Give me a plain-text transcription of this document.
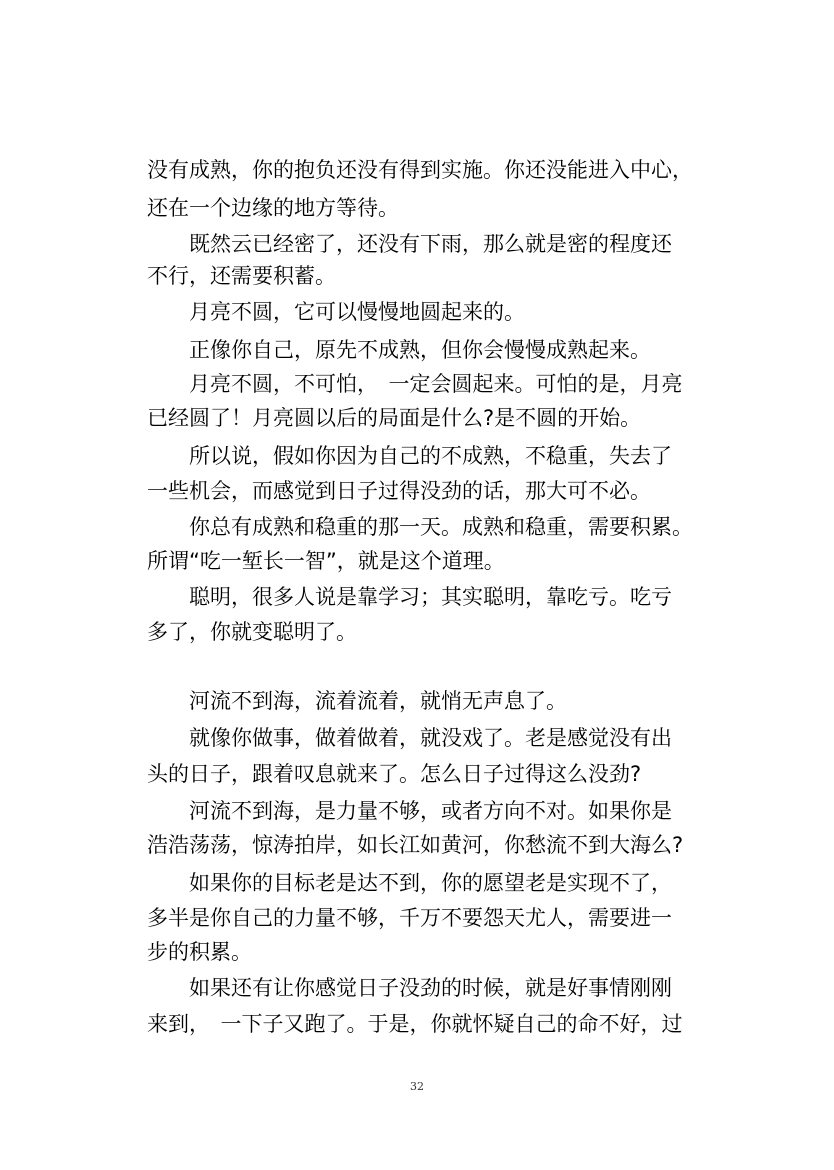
没有成熟，你的抱负还没有得到实施。你还没能进入中心，
还在一个边缘的地方等待。
既然云已经密了，还没有下雨，那么就是密的程度还
不行，还需要积蓄。
月亮不圆，它可以慢慢地圆起来的。
正像你自己，原先不成熟，但你会慢慢成熟起来。
月亮不圆，不可怕，　一定会圆起来。可怕的是，月亮
已经圆了！月亮圆以后的局面是什么?是不圆的开始。
所以说，假如你因为自己的不成熟，不稳重，失去了
一些机会，而感觉到日子过得没劲的话，那大可不必。
你总有成熟和稳重的那一天。成熟和稳重，需要积累。
所谓“吃一堑长一智”，就是这个道理。
聪明，很多人说是靠学习；其实聪明，靠吃亏。吃亏
多了，你就变聪明了。
河流不到海，流着流着，就悄无声息了。
就像你做事，做着做着，就没戏了。老是感觉没有出
头的日子，跟着叹息就来了。怎么日子过得这么没劲?
河流不到海，是力量不够，或者方向不对。如果你是
浩浩荡荡，惊涛拍岸，如长江如黄河，你愁流不到大海么?
如果你的目标老是达不到，你的愿望老是实现不了，
多半是你自己的力量不够，千万不要怨天尤人，需要进一
步的积累。
如果还有让你感觉日子没劲的时候，就是好事情刚刚
来到，　一下子又跑了。于是，你就怀疑自己的命不好，过
32
